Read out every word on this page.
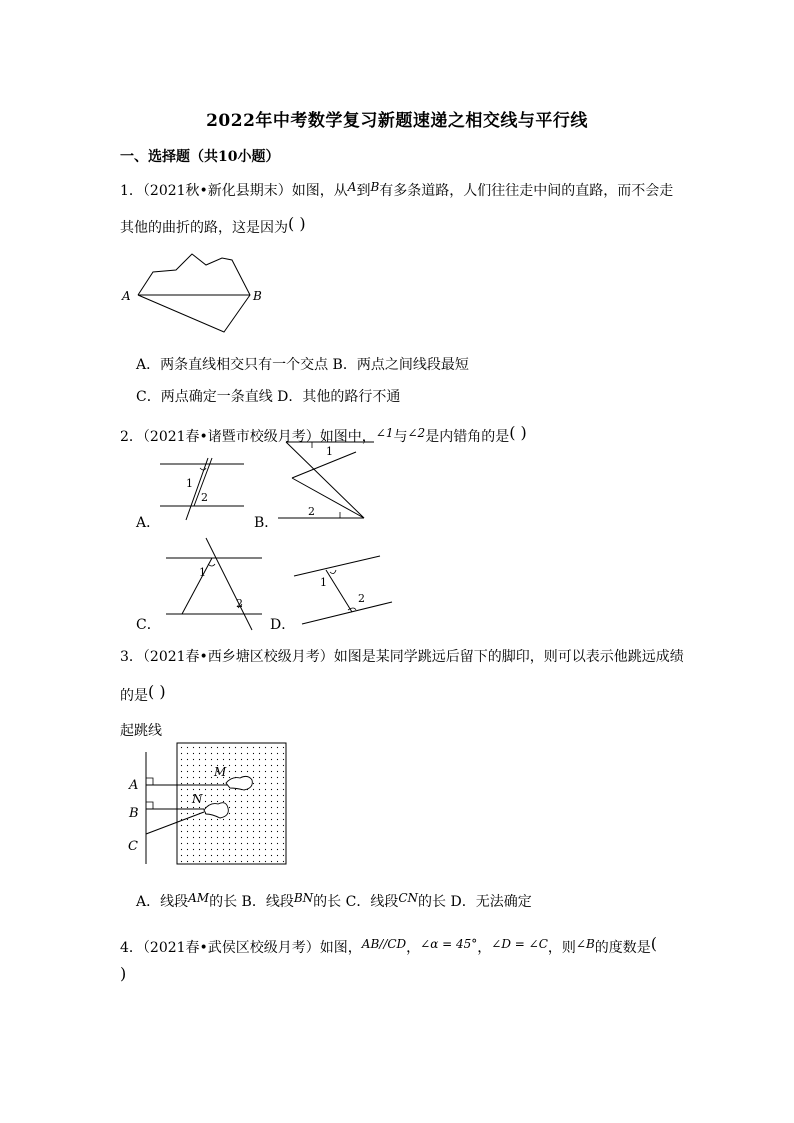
2022年中考数学复习新题速递之相交线与平行线
一、选择题（共10小题）
1．（2021秋•新化县期末）如图，从A到B有多条道路，人们往往走中间的直路，而不会走
其他的曲折的路，这是因为( )
A	B
A．两条直线相交只有一个交点 B．两点之间线段最短
C．两点确定一条直线 D．其他的路行不通
2．（2021春•诸暨市校级月考）如图中，∠1与∠2是内错角的是( )
1
2
A．
1
2
B．
1
2
C．
1
2
D．
3．（2021春•西乡塘区校级月考）如图是某同学跳远后留下的脚印，则可以表示他跳远成绩
的是( )
起跳线
A
B
C
M
N
A．线段AM的长 B．线段BN的长 C．线段CN的长 D．无法确定
4．（2021春•武侯区校级月考）如图，AB//CD，∠α = 45°，∠D = ∠C，则∠B的度数是(
)
